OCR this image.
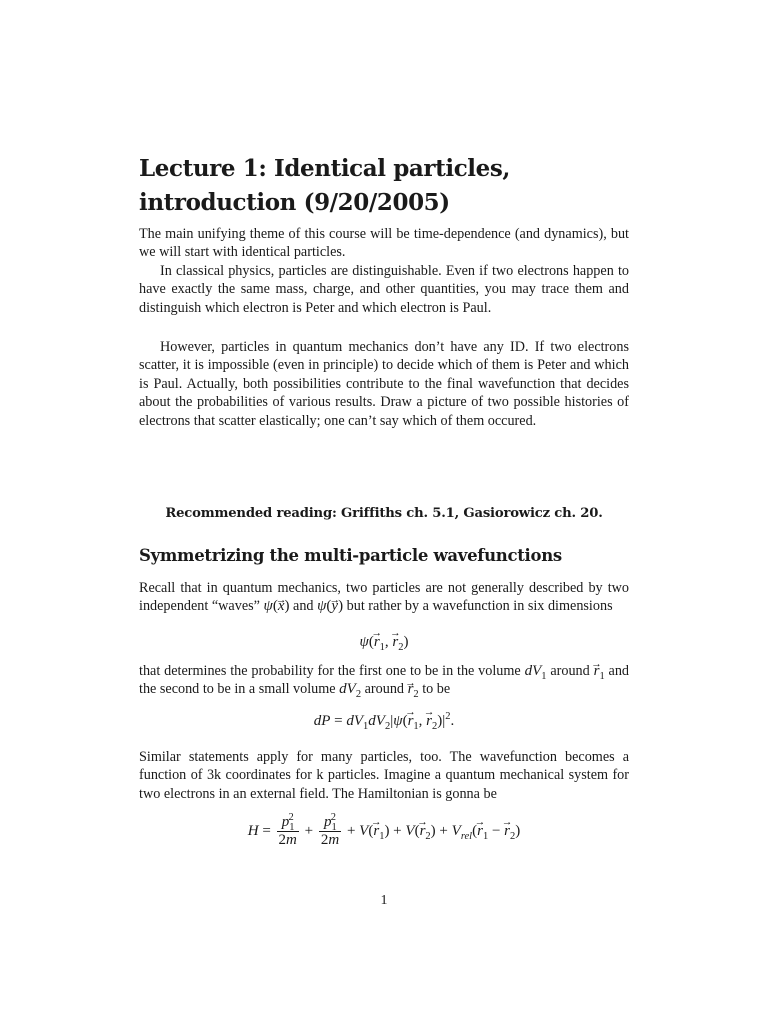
Lecture 1: Identical particles,
introduction (9/20/2005)
The main unifying theme of this course will be time-dependence (and dynamics), but we will start with identical particles.
In classical physics, particles are distinguishable. Even if two electrons happen to have exactly the same mass, charge, and other quantities, you may trace them and distinguish which electron is Peter and which electron is Paul.
However, particles in quantum mechanics don’t have any ID. If two electrons scatter, it is impossible (even in principle) to decide which of them is Peter and which is Paul. Actually, both possibilities contribute to the final wavefunction that decides about the probabilities of various results. Draw a picture of two possible histories of electrons that scatter elastically; one can’t say which of them occured.
Recommended reading: Griffiths ch. 5.1, Gasiorowicz ch. 20.
Symmetrizing the multi-particle wavefunctions
Recall that in quantum mechanics, two particles are not generally described by two independent “waves” ψ(→ x) and ψ(→ y) but rather by a wavefunction in six dimensions
$\psi(\to r_1$, → $r_2$)
that determines the probability for the first one to be in the volume $dV_1$ around → $r_1$ and the second to be in a small volume $dV_2$ around → $r_2$ to be
dP = $dV_1dV_2|\psi(\to r_1$, → $r_2)|^2$.
Similar statements apply for many particles, too. The wavefunction becomes a function of 3k coordinates for k particles. Imagine a quantum mechanical system for two electrons in an external field. The Hamiltonian is gonna be
$H = \frac{p_1^2}{2m} + \frac{p_1^2}{2m} + V(\to r_1) + V(\to r_2) + V_{rel}(\to r_1$ − → $r_2$)
1
